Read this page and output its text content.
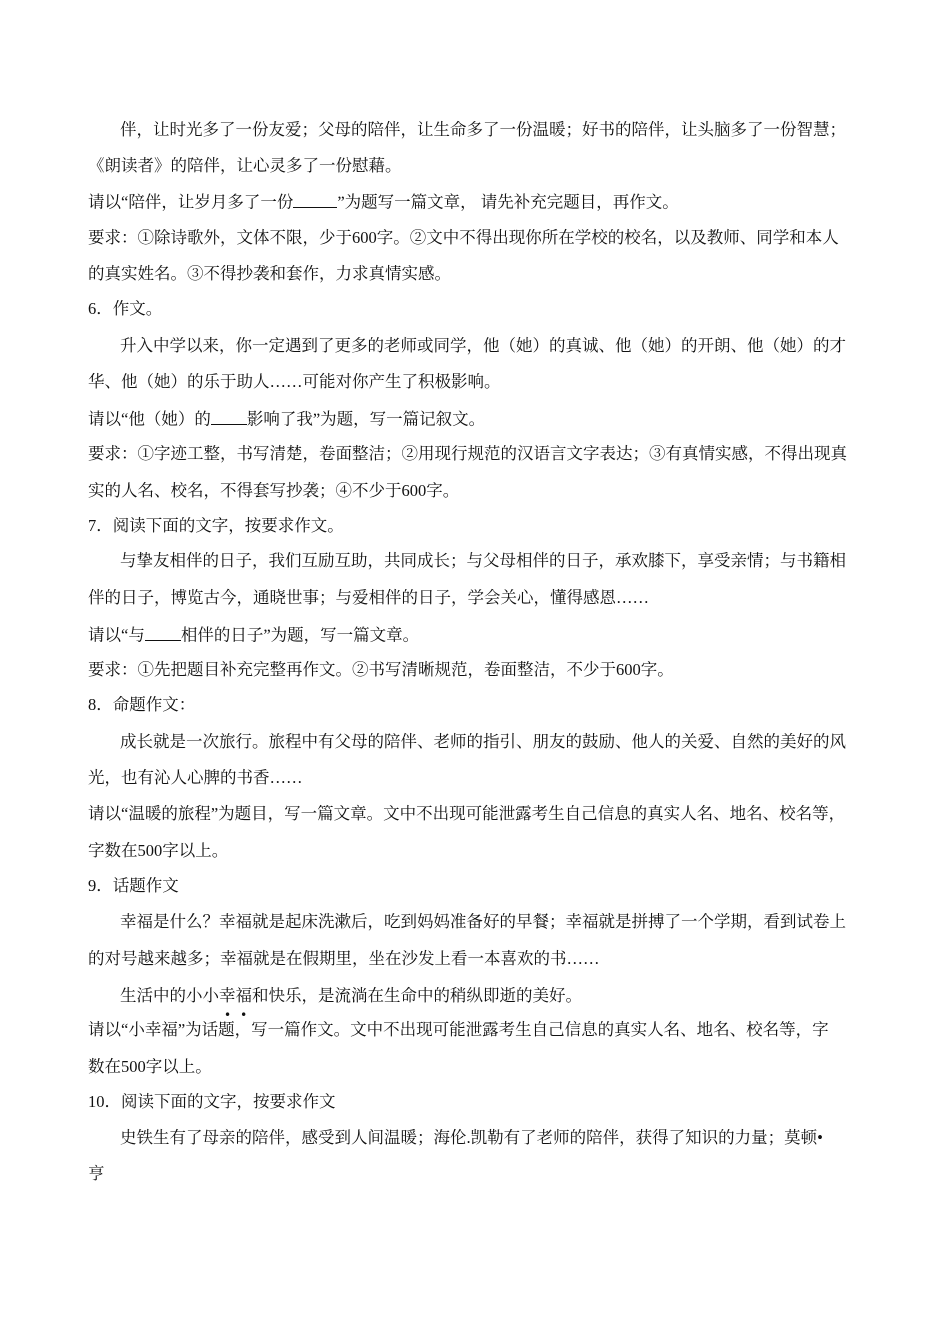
伴，让时光多了一份友爱；父母的陪伴，让生命多了一份温暖；好书的陪伴，让头脑多了一份智慧；
《朗读者》的陪伴，让心灵多了一份慰藉。
请以“陪伴，让岁月多了一份	”为题写一篇文章， 请先补充完题目，再作文。
要求：①除诗歌外，文体不限，少于600字。②文中不得出现你所在学校的校名，以及教师、同学和本人
的真实姓名。③不得抄袭和套作，力求真情实感。
6．作文。
升入中学以来，你一定遇到了更多的老师或同学，他（她）的真诚、他（她）的开朗、他（她）的才
华、他（她）的乐于助人……可能对你产生了积极影响。
请以“他（她）的 影响了我”为题，写一篇记叙文。
要求：①字迹工整，书写清楚，卷面整洁；②用现行规范的汉语言文字表达；③有真情实感，不得出现真
实的人名、校名，不得套写抄袭；④不少于600字。
7．阅读下面的文字，按要求作文。
与挚友相伴的日子，我们互励互助，共同成长；与父母相伴的日子，承欢膝下，享受亲情；与书籍相
伴的日子，博览古今，通晓世事；与爱相伴的日子，学会关心，懂得感恩……
请以“与 相伴的日子”为题，写一篇文章。
要求：①先把题目补充完整再作文。②书写清晰规范，卷面整洁，不少于600字。
8．命题作文：
成长就是一次旅行。旅程中有父母的陪伴、老师的指引、朋友的鼓励、他人的关爱、自然的美好的风
光，也有沁人心脾的书香……
请以“温暖的旅程”为题目，写一篇文章。文中不出现可能泄露考生自己信息的真实人名、地名、校名等，
字数在500字以上。
9．话题作文
幸福是什么？幸福就是起床洗漱后，吃到妈妈准备好的早餐；幸福就是拼搏了一个学期，看到试卷上
的对号越来越多；幸福就是在假期里，坐在沙发上看一本喜欢的书……
生活中的小小幸福和快乐，是流淌在生命中的稍纵即逝的美好。
••
请以“小幸福”为话题，写一篇作文。文中不出现可能泄露考生自己信息的真实人名、地名、校名等，字
数在500字以上。
10．阅读下面的文字，按要求作文
史铁生有了母亲的陪伴，感受到人间温暖；海伦.凯勒有了老师的陪伴，获得了知识的力量；莫顿•
亨
